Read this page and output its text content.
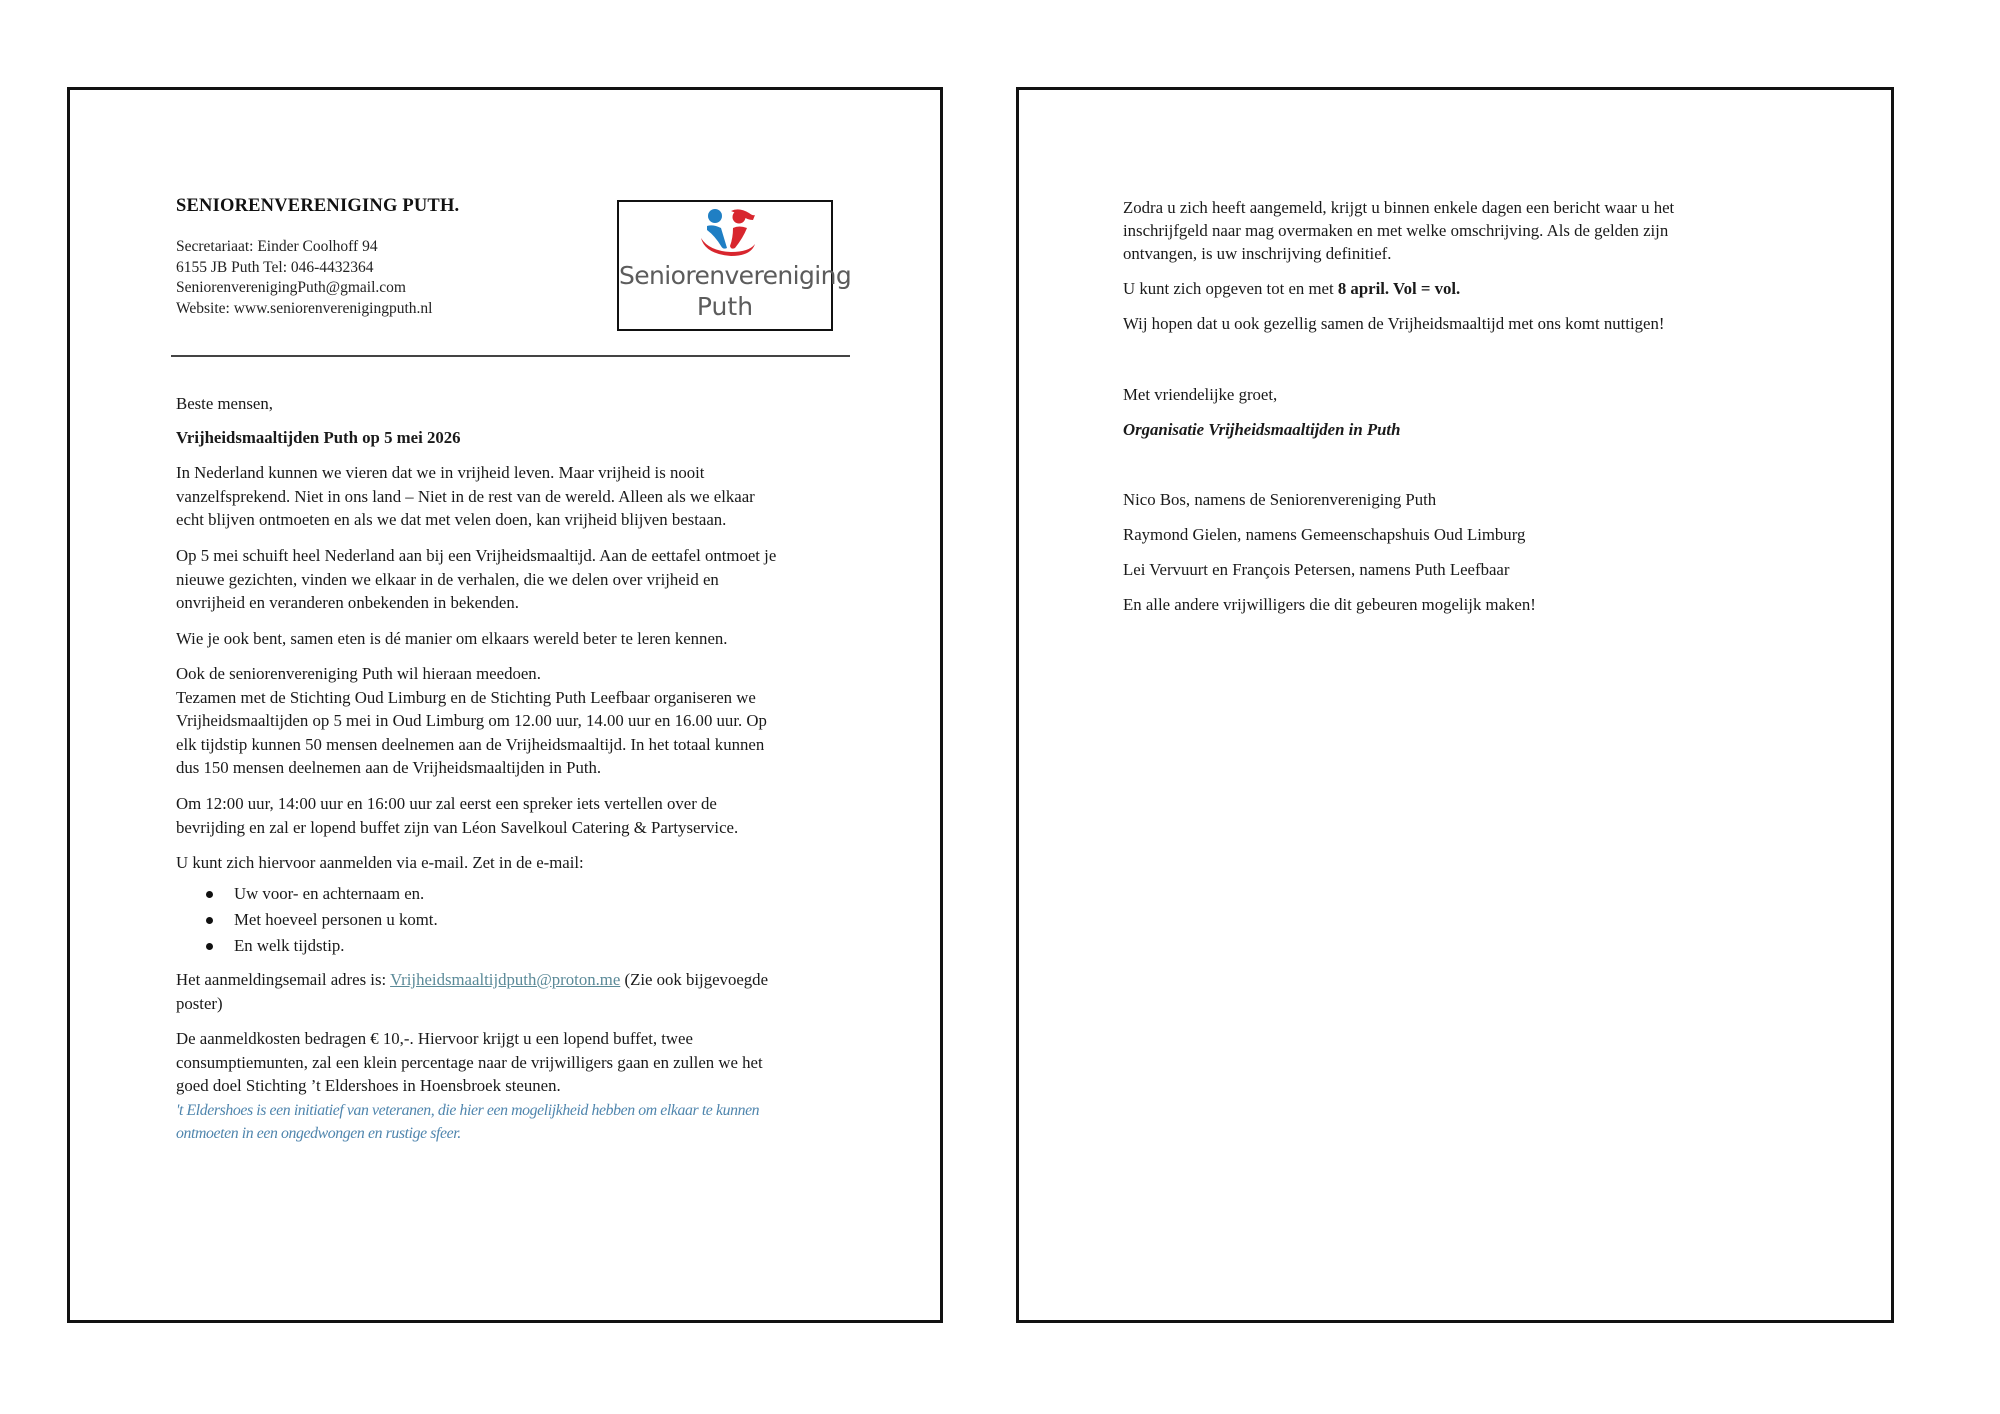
SENIORENVERENIGING PUTH.
Secretariaat: Einder Coolhoff 94
6155 JB Puth Tel: 046-4432364
SeniorenverenigingPuth@gmail.com
Website: www.seniorenverenigingputh.nl
Seniorenvereniging
Puth
Beste mensen,
Vrijheidsmaaltijden Puth op 5 mei 2026

In Nederland kunnen we vieren dat we in vrijheid leven. Maar vrijheid is nooit

vanzelfsprekend. Niet in ons land – Niet in de rest van de wereld. Alleen als we elkaar

echt blijven ontmoeten en als we dat met velen doen, kan vrijheid blijven bestaan.

Op 5 mei schuift heel Nederland aan bij een Vrijheidsmaaltijd. Aan de eettafel ontmoet je

nieuwe gezichten, vinden we elkaar in de verhalen, die we delen over vrijheid en

onvrijheid en veranderen onbekenden in bekenden.

Wie je ook bent, samen eten is dé manier om elkaars wereld beter te leren kennen.

Ook de seniorenvereniging Puth wil hieraan meedoen.

Tezamen met de Stichting Oud Limburg en de Stichting Puth Leefbaar organiseren we

Vrijheidsmaaltijden op 5 mei in Oud Limburg om 12.00 uur, 14.00 uur en 16.00 uur. Op

elk tijdstip kunnen 50 mensen deelnemen aan de Vrijheidsmaaltijd. In het totaal kunnen

dus 150 mensen deelnemen aan de Vrijheidsmaaltijden in Puth.

Om 12:00 uur, 14:00 uur en 16:00 uur zal eerst een spreker iets vertellen over de

bevrijding en zal er lopend buffet zijn van Léon Savelkoul Catering & Partyservice.

U kunt zich hiervoor aanmelden via e-mail. Zet in de e-mail:

Uw voor- en achternaam en.
Met hoeveel personen u komt.
En welk tijdstip.

Het aanmeldingsemail adres is: Vrijheidsmaaltijdputh@proton.me (Zie ook bijgevoegde

poster)

De aanmeldkosten bedragen € 10,-. Hiervoor krijgt u een lopend buffet, twee

consumptiemunten, zal een klein percentage naar de vrijwilligers gaan en zullen we het

goed doel Stichting ’t Eldershoes in Hoensbroek steunen.

't Eldershoes is een initiatief van veteranen, die hier een mogelijkheid hebben om elkaar te kunnen
ontmoeten in een ongedwongen en rustige sfeer.

Zodra u zich heeft aangemeld, krijgt u binnen enkele dagen een bericht waar u het

inschrijfgeld naar mag overmaken en met welke omschrijving. Als de gelden zijn

ontvangen, is uw inschrijving definitief.

U kunt zich opgeven tot en met 8 april. Vol = vol.

Wij hopen dat u ook gezellig samen de Vrijheidsmaaltijd met ons komt nuttigen!

Met vriendelijke groet,

Organisatie Vrijheidsmaaltijden in Puth

Nico Bos, namens de Seniorenvereniging Puth

Raymond Gielen, namens Gemeenschapshuis Oud Limburg

Lei Vervuurt en François Petersen, namens Puth Leefbaar

En alle andere vrijwilligers die dit gebeuren mogelijk maken!
